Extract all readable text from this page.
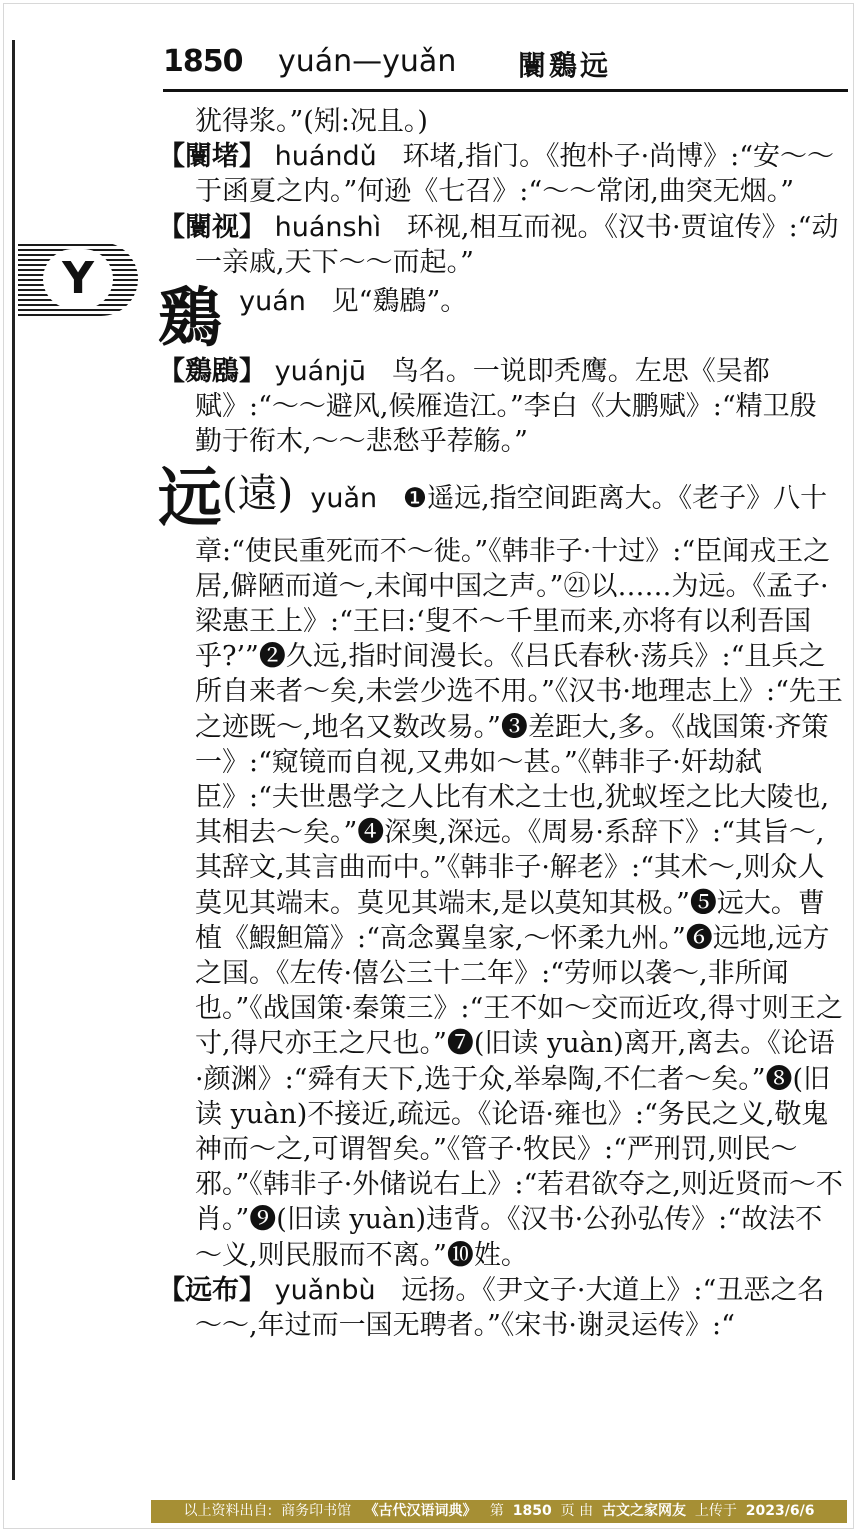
1850 yuán—yuǎn 闤鶢远
Y

犹得浆。”(矧:况且。)

【闤堵】 huándǔ 环堵,指门。《抱朴子·尚博》:“安～～于函夏之内。”何逊《七召》:“～～常闭,曲突无烟。”

【闤视】 huánshì 环视,相互而视。《汉书·贾谊传》:“动一亲戚,天下～～而起。”

鶢 yuán 见“鶢鶋”。

【鶢鶋】 yuánjū 鸟名。一说即秃鹰。左思《吴都赋》:“～～避风,候雁造江。”李白《大鹏赋》:“精卫殷勤于衔木,～～悲愁乎荐觞。”

远(遠) yuǎn ❶遥远,指空间距离大。《老子》八十章:“使民重死而不～徙。”《韩非子·十过》:“臣闻戎王之居,僻陋而道～,未闻中国之声。”㉑以……为远。《孟子·梁惠王上》:“王曰:‘叟不～千里而来,亦将有以利吾国乎?’”❷久远,指时间漫长。《吕氏春秋·荡兵》:“且兵之所自来者～矣,未尝少选不用。”《汉书·地理志上》:“先王之迹既～,地名又数改易。”❸差距大,多。《战国策·齐策一》:“窥镜而自视,又弗如～甚。”《韩非子·奸劫弑臣》:“夫世愚学之人比有术之士也,犹蚁垤之比大陵也,其相去～矣。”❹深奥,深远。《周易·系辞下》:“其旨～,其辞文,其言曲而中。”《韩非子·解老》:“其术～,则众人莫见其端末。莫见其端末,是以莫知其极。”❺远大。曹植《鰕䱇篇》:“高念翼皇家,～怀柔九州。”❻远地,远方之国。《左传·僖公三十二年》:“劳师以袭～,非所闻也。”《战国策·秦策三》:“王不如～交而近攻,得寸则王之寸,得尺亦王之尺也。”❼(旧读 yuàn)离开,离去。《论语·颜渊》:“舜有天下,选于众,举皋陶,不仁者～矣。”❽(旧读 yuàn)不接近,疏远。《论语·雍也》:“务民之义,敬鬼神而～之,可谓智矣。”《管子·牧民》:“严刑罚,则民～邪。”《韩非子·外储说右上》:“若君欲夺之,则近贤而～不肖。”❾(旧读 yuàn)违背。《汉书·公孙弘传》:“故法不～义,则民服而不离。”❿姓。

【远布】 yuǎnbù 远扬。《尹文子·大道上》:“丑恶之名～～,年过而一国无聘者。”《宋书·谢灵运传》:“

以上资料出自: 商务印书馆 《古代汉语词典》 第 1850 页 由 古文之家网友 上传于 2023/6/6
